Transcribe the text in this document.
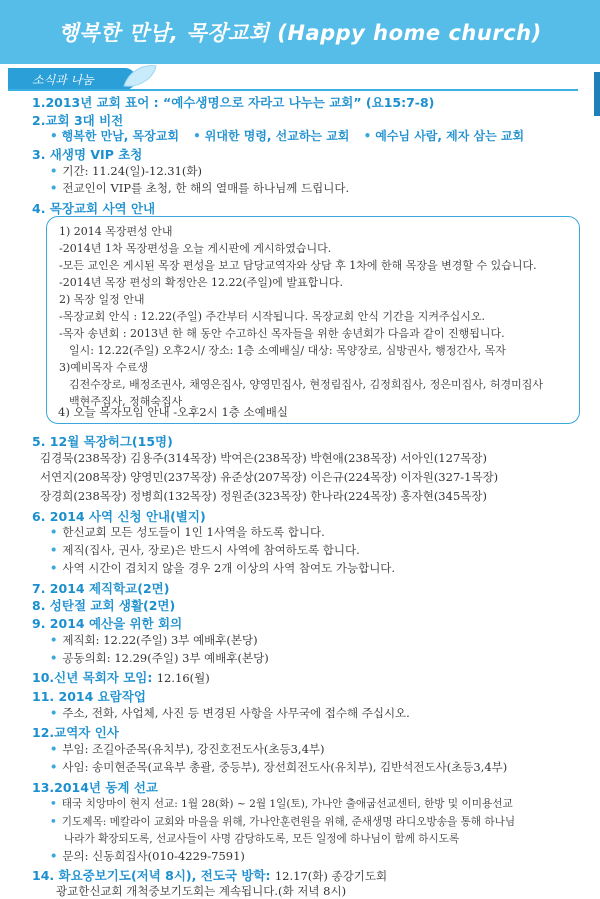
행복한 만남, 목장교회 (Happy home church)
소식과 나눔
1.2013년 교회 표어 : “예수생명으로 자라고 나누는 교회” (요15:7-8)
2.교회 3대 비전
• 행복한 만남, 목장교회 • 위대한 명령, 선교하는 교회 • 예수님 사람, 제자 삼는 교회
3. 새생명 VIP 초청
• 기간: 11.24(일)-12.31(화)
• 전교인이 VIP를 초청, 한 해의 열매를 하나님께 드립니다.
4. 목장교회 사역 안내
1) 2014 목장편성 안내
-2014년 1차 목장편성을 오늘 게시판에 게시하였습니다.
-모든 교인은 게시된 목장 편성을 보고 담당교역자와 상담 후 1차에 한해 목장을 변경할 수 있습니다.
-2014년 목장 편성의 확정안은 12.22(주일)에 발표합니다.
2) 목장 일정 안내
-목장교회 안식 : 12.22(주일) 주간부터 시작됩니다. 목장교회 안식 기간을 지켜주십시오.
-목자 송년회 : 2013년 한 해 동안 수고하신 목자들을 위한 송년회가 다음과 같이 진행됩니다.
일시: 12.22(주일) 오후2시/ 장소: 1층 소예배실/ 대상: 목양장로, 심방권사, 행정간사, 목자
3)예비목자 수료생
김전수장로, 배정조권사, 채영은집사, 양영민집사, 현정림집사, 김정희집사, 정은미집사, 허경미집사
백현주집사, 정해숙집사
4) 오늘 목자모임 안내 -오후2시 1층 소예배실
5. 12월 목장허그(15명)
김경묵(238목장) 김용주(314목장) 박여은(238목장) 박현애(238목장) 서아인(127목장)
서연지(208목장) 양영민(237목장) 유준상(207목장) 이은규(224목장) 이자원(327-1목장)
장경희(238목장) 정병희(132목장) 정원준(323목장) 한나라(224목장) 홍자현(345목장)
6. 2014 사역 신청 안내(별지)
• 한신교회 모든 성도들이 1인 1사역을 하도록 합니다.
• 제직(집사, 권사, 장로)은 반드시 사역에 참여하도록 합니다.
• 사역 시간이 겹치지 않을 경우 2개 이상의 사역 참여도 가능합니다.
7. 2014 제직학교(2면)
8. 성탄절 교회 생활(2면)
9. 2014 예산을 위한 회의
• 제직회: 12.22(주일) 3부 예배후(본당)
• 공동의회: 12.29(주일) 3부 예배후(본당)
10.신년 목회자 모임: 12.16(월)
11. 2014 요람작업
• 주소, 전화, 사업체, 사진 등 변경된 사항을 사무국에 접수해 주십시오.
12.교역자 인사
• 부임: 조길아준목(유치부), 강진호전도사(초등3,4부)
• 사임: 송미현준목(교육부 총괄, 중등부), 장선희전도사(유치부), 김반석전도사(초등3,4부)
13.2014년 동계 선교
• 태국 치앙마이 현지 선교: 1월 28(화) ~ 2월 1일(토), 가나안 출애굽선교센터, 한방 및 이미용선교
• 기도제목: 메칼라이 교회와 마을을 위해, 가나안훈련원을 위해, 준새생명 라디오방송을 통해 하나님
나라가 확장되도록, 선교사들이 사명 감당하도록, 모든 일정에 하나님이 함께 하시도록
• 문의: 신동희집사(010-4229-7591)
14. 화요중보기도(저녁 8시), 전도국 방학: 12.17(화) 종강기도회
광교한신교회 개척중보기도회는 계속됩니다.(화 저녁 8시)
